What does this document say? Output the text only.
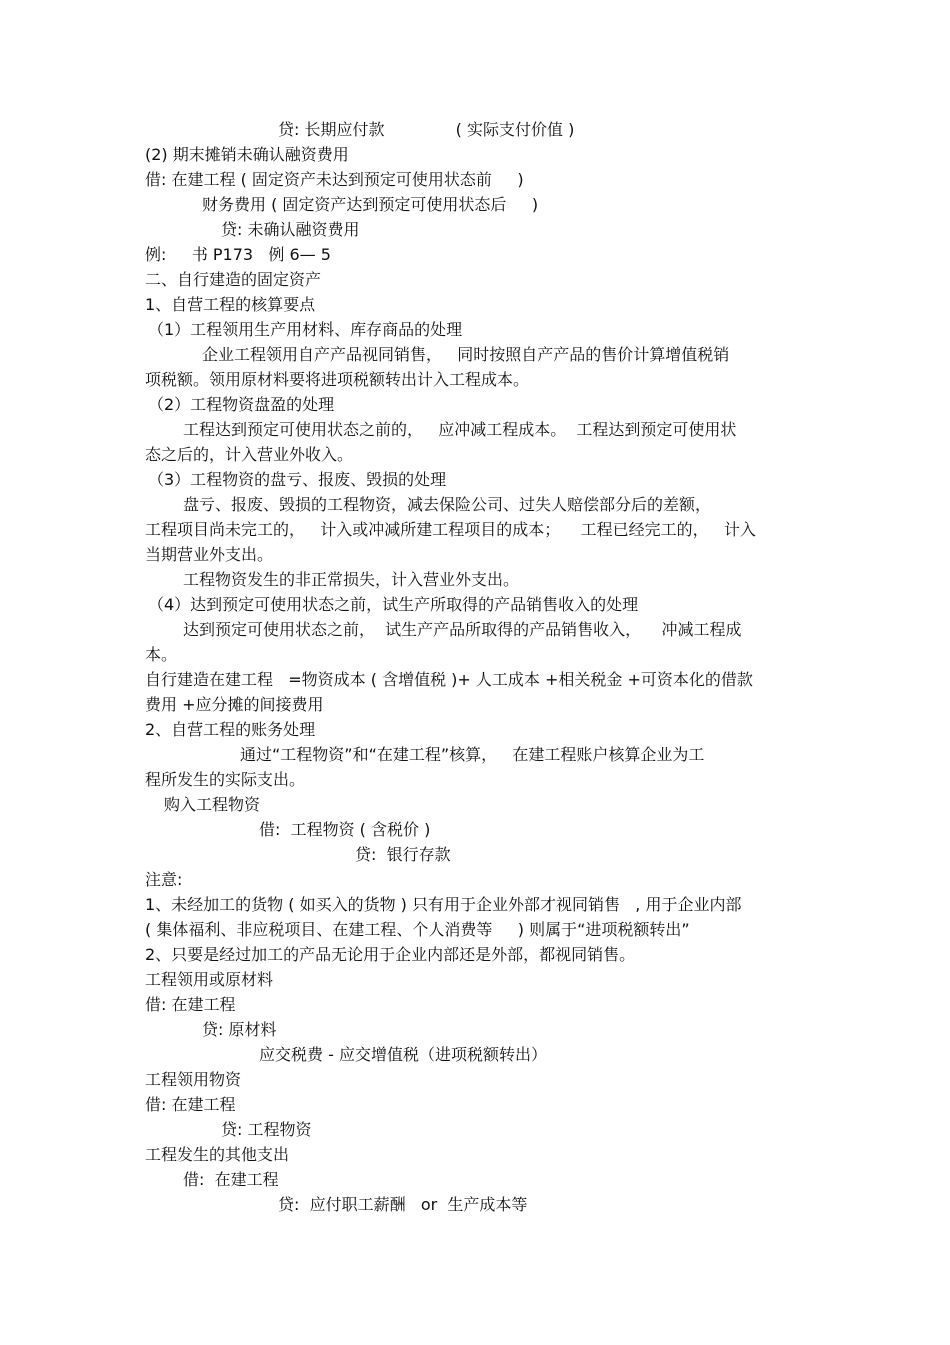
贷: 长期应付款              ( 实际支付价值 )

(2) 期末摊销未确认融资费用

借: 在建工程 ( 固定资产未达到预定可使用状态前     )

财务费用 ( 固定资产达到预定可使用状态后     )

贷: 未确认融资费用

例:     书 P173   例 6— 5

二、自行建造的固定资产

1、自营工程的核算要点

（1）工程领用生产用材料、库存商品的处理

企业工程领用自产产品视同销售，   同时按照自产产品的售价计算增值税销

项税额。领用原材料要将进项税额转出计入工程成本。

（2）工程物资盘盈的处理

工程达到预定可使用状态之前的，   应冲减工程成本。  工程达到预定可使用状

态之后的，计入营业外收入。

（3）工程物资的盘亏、报废、毁损的处理

盘亏、报废、毁损的工程物资，减去保险公司、过失人赔偿部分后的差额，

工程项目尚未完工的，   计入或冲减所建工程项目的成本；    工程已经完工的，   计入

当期营业外支出。

工程物资发生的非正常损失，计入营业外支出。

（4）达到预定可使用状态之前，试生产所取得的产品销售收入的处理

达到预定可使用状态之前，  试生产产品所取得的产品销售收入，    冲减工程成

本。

自行建造在建工程   =物资成本 ( 含增值税 )+ 人工成本 +相关税金 +可资本化的借款

费用 +应分摊的间接费用

2、自营工程的账务处理

通过“工程物资”和“在建工程”核算，   在建工程账户核算企业为工

程所发生的实际支出。

购入工程物资

借:  工程物资 ( 含税价 )

贷:  银行存款

注意:

1、未经加工的货物 ( 如买入的货物 ) 只有用于企业外部才视同销售   , 用于企业内部

( 集体福利、非应税项目、在建工程、个人消费等     ) 则属于“进项税额转出”

2、只要是经过加工的产品无论用于企业内部还是外部，都视同销售。

工程领用或原材料

借: 在建工程

贷: 原材料

应交税费 - 应交增值税（进项税额转出）

工程领用物资

借: 在建工程

贷: 工程物资

工程发生的其他支出

借:  在建工程

贷:  应付职工薪酬   or  生产成本等
